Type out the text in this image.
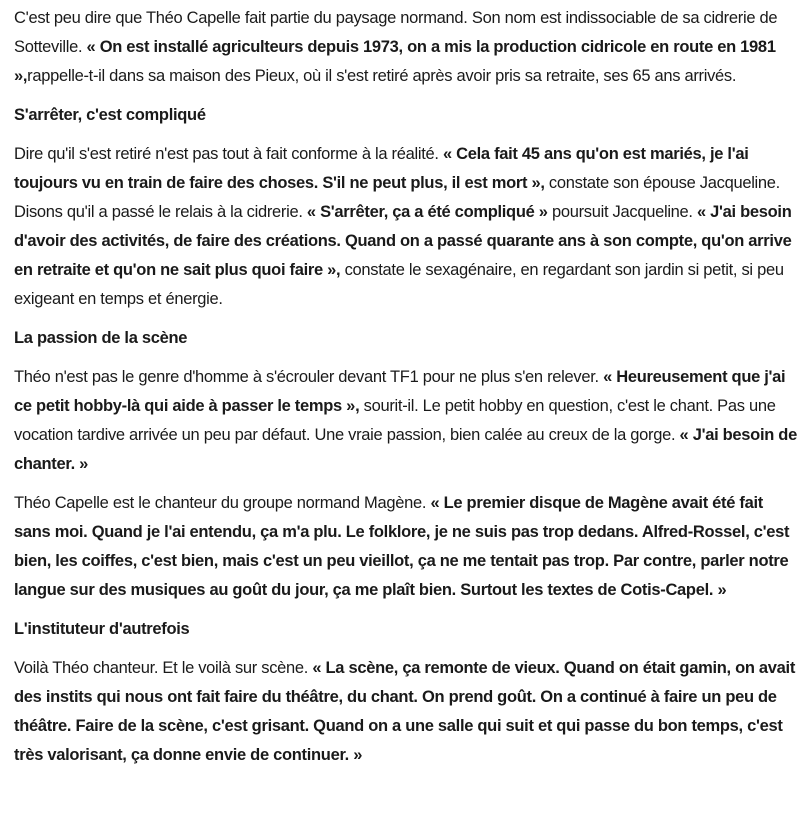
C'est peu dire que Théo Capelle fait partie du paysage normand. Son nom est indissociable de sa cidrerie de Sotteville. « On est installé agriculteurs depuis 1973, on a mis la production cidricole en route en 1981 »,rappelle-t-il dans sa maison des Pieux, où il s'est retiré après avoir pris sa retraite, ses 65 ans arrivés.

S'arrêter, c'est compliqué

Dire qu'il s'est retiré n'est pas tout à fait conforme à la réalité. « Cela fait 45 ans qu'on est mariés, je l'ai toujours vu en train de faire des choses. S'il ne peut plus, il est mort », constate son épouse Jacqueline. Disons qu'il a passé le relais à la cidrerie. « S'arrêter, ça a été compliqué » poursuit Jacqueline. « J'ai besoin d'avoir des activités, de faire des créations. Quand on a passé quarante ans à son compte, qu'on arrive en retraite et qu'on ne sait plus quoi faire », constate le sexagénaire, en regardant son jardin si petit, si peu exigeant en temps et énergie.

La passion de la scène

Théo n'est pas le genre d'homme à s'écrouler devant TF1 pour ne plus s'en relever. « Heureusement que j'ai ce petit hobby-là qui aide à passer le temps », sourit-il. Le petit hobby en question, c'est le chant. Pas une vocation tardive arrivée un peu par défaut. Une vraie passion, bien calée au creux de la gorge. « J'ai besoin de chanter. »

Théo Capelle est le chanteur du groupe normand Magène. « Le premier disque de Magène avait été fait sans moi. Quand je l'ai entendu, ça m'a plu. Le folklore, je ne suis pas trop dedans. Alfred-Rossel, c'est bien, les coiffes, c'est bien, mais c'est un peu vieillot, ça ne me tentait pas trop. Par contre, parler notre langue sur des musiques au goût du jour, ça me plaît bien. Surtout les textes de Cotis-Capel. »

L'instituteur d'autrefois

Voilà Théo chanteur. Et le voilà sur scène. « La scène, ça remonte de vieux. Quand on était gamin, on avait des instits qui nous ont fait faire du théâtre, du chant. On prend goût. On a continué à faire un peu de théâtre. Faire de la scène, c'est grisant. Quand on a une salle qui suit et qui passe du bon temps, c'est très valorisant, ça donne envie de continuer. »
